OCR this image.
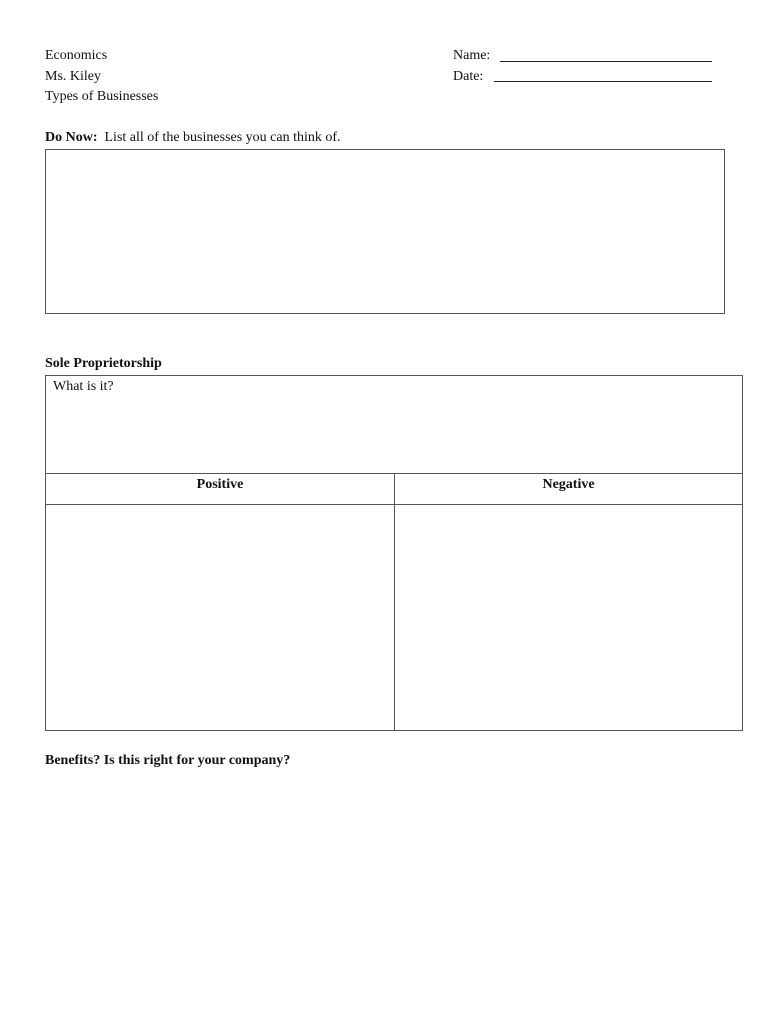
Economics
Ms. Kiley
Types of Businesses
Name:
Date:
Do Now: List all of the businesses you can think of.
Sole Proprietorship
What is it?
Positive	Negative
Benefits? Is this right for your company?
